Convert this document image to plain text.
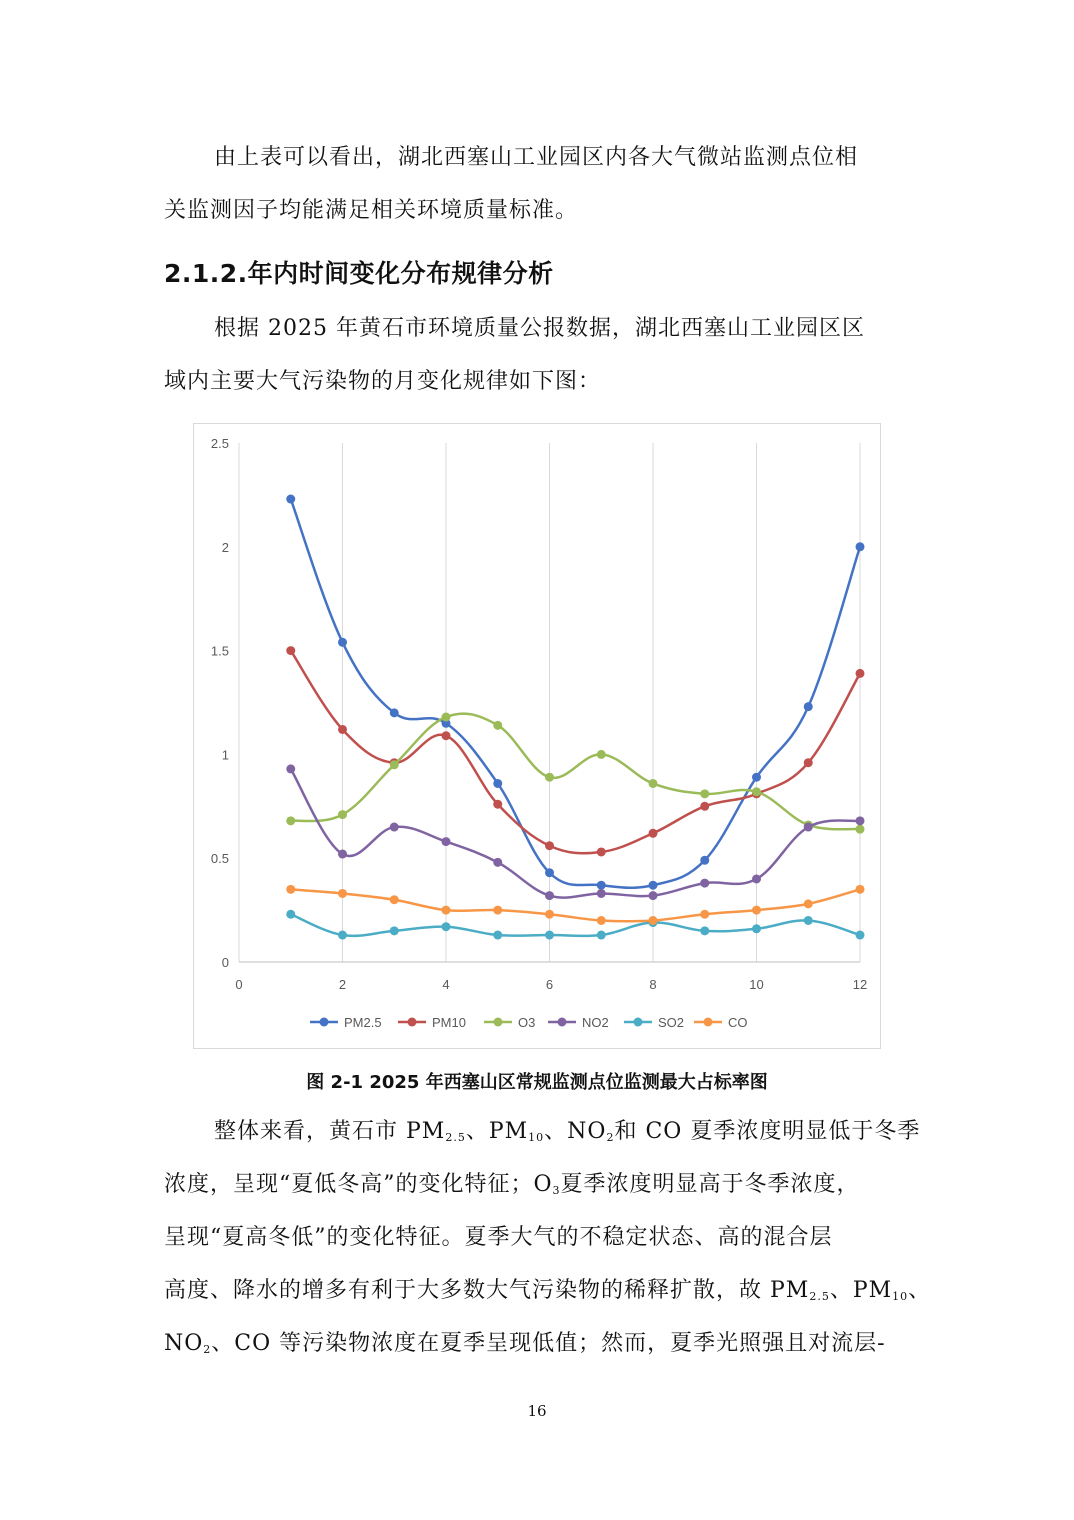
由上表可以看出，湖北西塞山工业园区内各大气微站监测点位相
关监测因子均能满足相关环境质量标准。
2.1.2.年内时间变化分布规律分析
根据 2025 年黄石市环境质量公报数据，湖北西塞山工业园区区
域内主要大气污染物的月变化规律如下图：
0	2	4	6	8	10	12
0
0.5
1
1.5
2
2.5
PM2.5	PM10	O3	NO2	SO2	CO
图 2-1 2025 年西塞山区常规监测点位监测最大占标率图
整体来看，黄石市 $PM_{2.5}$、$PM_{10}$、$NO_2$和 CO 夏季浓度明显低于冬季
浓度，呈现“夏低冬高”的变化特征；$O_3$夏季浓度明显高于冬季浓度，
呈现“夏高冬低”的变化特征。夏季大气的不稳定状态、高的混合层
高度、降水的增多有利于大多数大气污染物的稀释扩散，故 $PM_{2.5}$、$PM_{10}$、
$NO_2$、CO 等污染物浓度在夏季呈现低值；然而，夏季光照强且对流层-
16
